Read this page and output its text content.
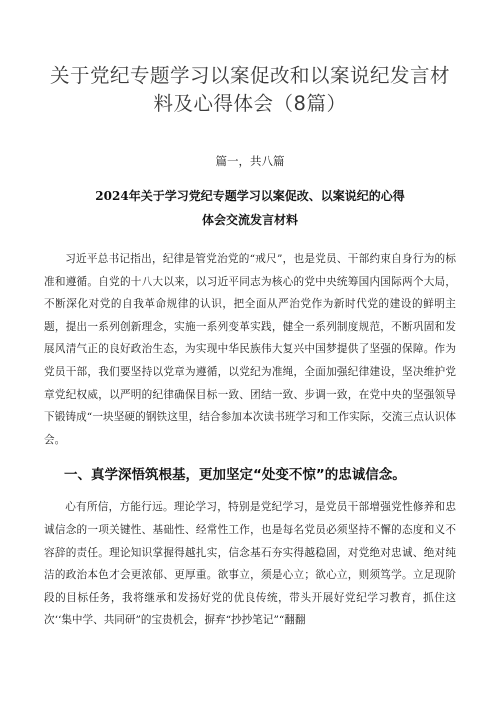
关于党纪专题学习以案促改和以案说纪发言材料及心得体会（8篇）
篇一，共八篇
2024年关于学习党纪专题学习以案促改、以案说纪的心得
体会交流发言材料

习近平总书记指出，纪律是管党治党的“戒尺”，也是党员、干部约束自身行为的标准和遵循。自党的十八大以来，以习近平同志为核心的党中央统筹国内国际两个大局，不断深化对党的自我革命规律的认识，把全面从严治党作为新时代党的建设的鲜明主题，提出一系列创新理念，实施一系列变革实践，健全一系列制度规范，不断巩固和发展风清气正的良好政治生态，为实现中华民族伟大复兴中国梦提供了坚强的保障。作为党员干部，我们要坚持以党章为遵循，以党纪为准绳，全面加强纪律建设，坚决维护党章党纪权威，以严明的纪律确保目标一致、团结一致、步调一致，在党中央的坚强领导下锻铸成“一块坚硬的钢铁这里，结合参加本次读书班学习和工作实际，交流三点认识体会。

一、真学深悟筑根基，更加坚定“处变不惊”的忠诚信念。

心有所信，方能行远。理论学习，特别是党纪学习，是党员干部增强党性修养和忠诚信念的一项关键性、基础性、经常性工作，也是每名党员必须坚持不懈的态度和义不容辞的责任。理论知识掌握得越扎实，信念基石夯实得越稳固，对党绝对忠诚、绝对纯洁的政治本色才会更浓郁、更厚重。欲事立，须是心立；欲心立，则须笃学。立足现阶段的目标任务，我将继承和发扬好党的优良传统，带头开展好党纪学习教育，抓住这次‘‘集中学、共同研”的宝贵机会，摒弃“抄抄笔记”“翻翻
